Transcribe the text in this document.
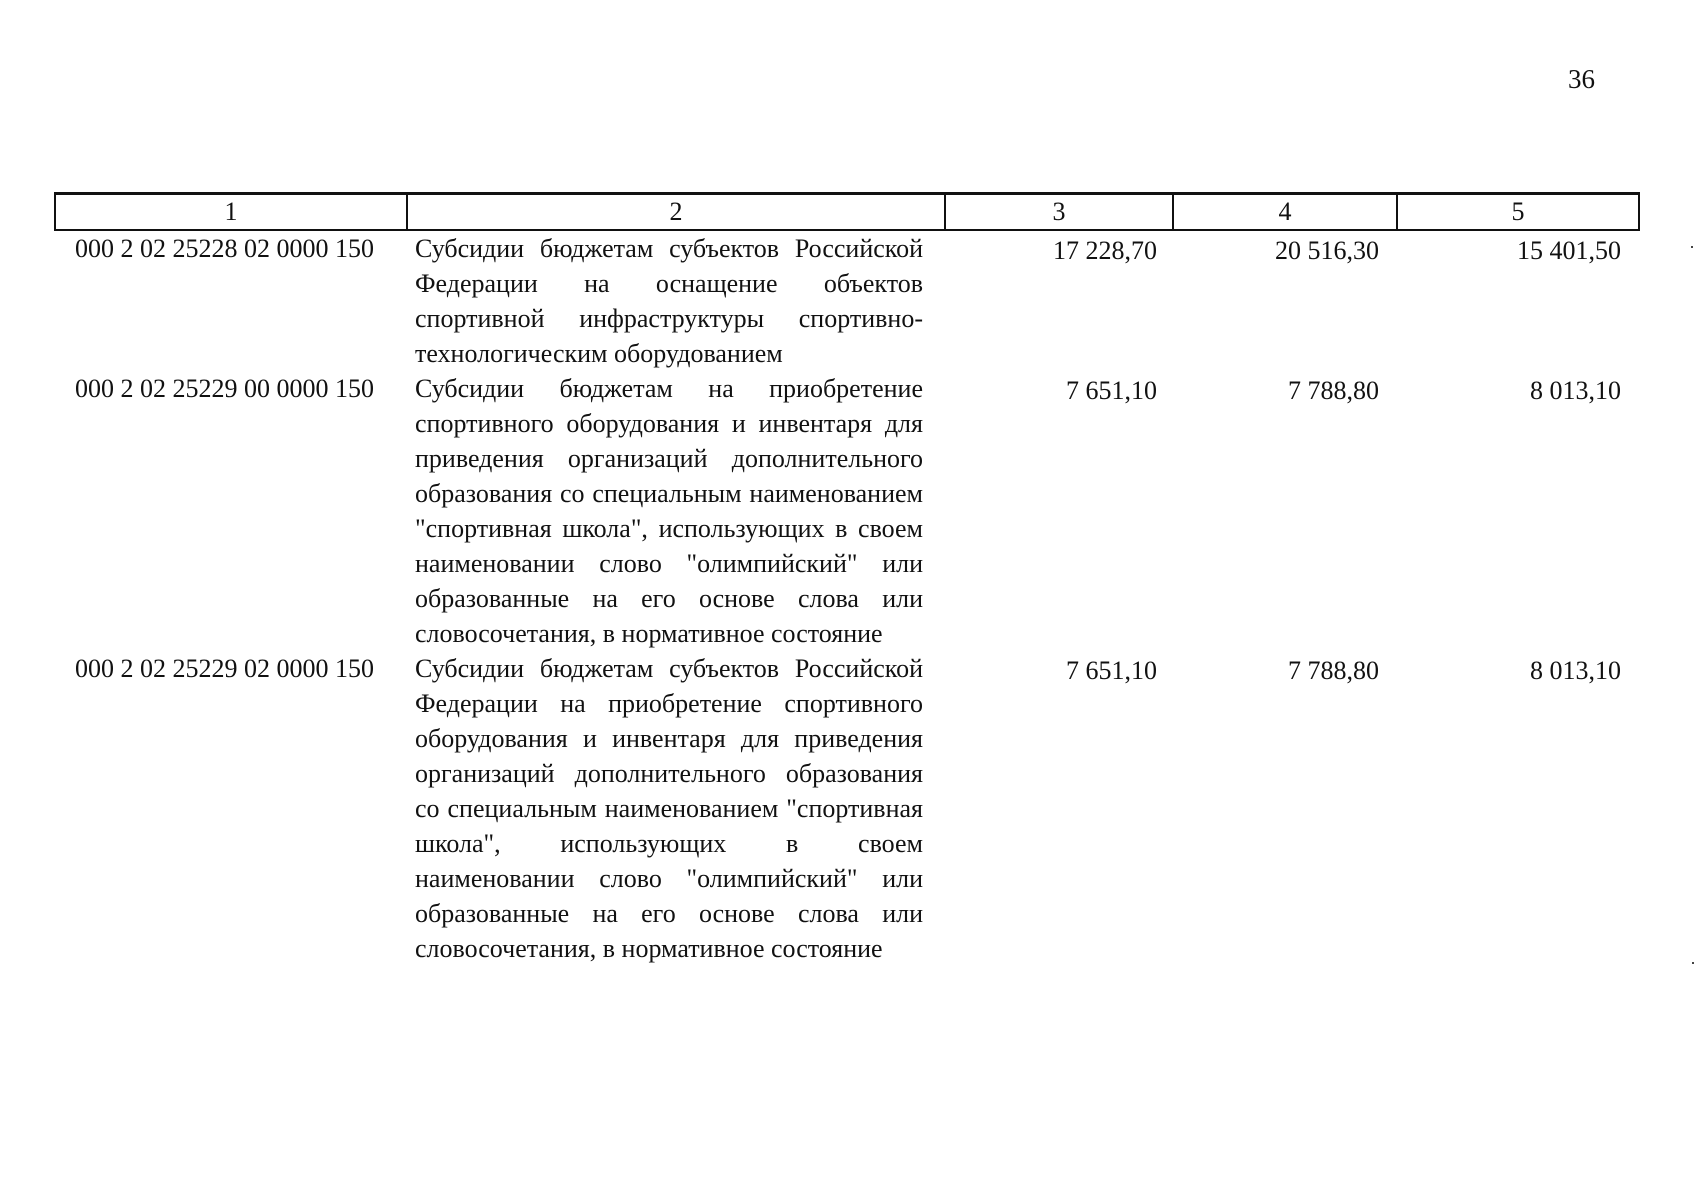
36
1	2	3	4	5
000 2 02 25228 02 0000 150	Субсидии бюджетам субъектов Российской Федерации на оснащение объектов спортивной инфраструктуры спортивно-технологическим оборудованием	17 228,70	20 516,30	15 401,50
000 2 02 25229 00 0000 150	Субсидии бюджетам на приобретение спортивного оборудования и инвентаря для приведения организаций дополнительного образования со специальным наименованием "спортивная школа", использующих в своем наименовании слово "олимпийский" или образованные на его основе слова или словосочетания, в нормативное состояние	7 651,10	7 788,80	8 013,10
000 2 02 25229 02 0000 150	Субсидии бюджетам субъектов Российской Федерации на приобретение спортивного оборудования и инвентаря для приведения организаций дополнительного образования со специальным наименованием "спортивная школа", использующих в своем наименовании слово "олимпийский" или образованные на его основе слова или словосочетания, в нормативное состояние	7 651,10	7 788,80	8 013,10
